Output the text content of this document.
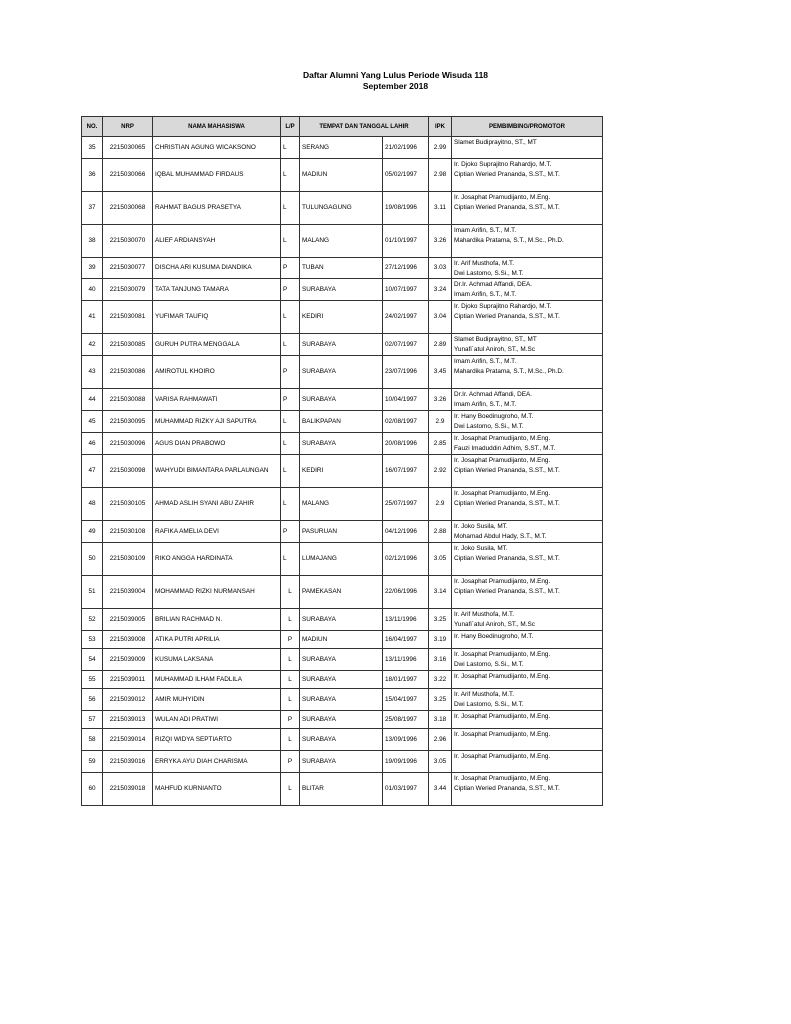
Daftar Alumni Yang Lulus Periode Wisuda 118
September 2018
NO.	NRP	NAMA MAHASISWA	L/P	TEMPAT DAN TANGGAL LAHIR		IPK	PEMBIMBING/PROMOTOR
35	2215030065	CHRISTIAN AGUNG WICAKSONO	L	SERANG	21/02/1996	2.99	Slamet Budiprayitno, ST., MT

36	2215030066	IQBAL MUHAMMAD FIRDAUS	L	MADIUN	05/02/1997	2.98	Ir. Djoko Suprajitno Rahardjo, M.T.
Ciptian Weried Prananda, S.ST., M.T.

37	2215030068	RAHMAT BAGUS PRASETYA	L	TULUNGAGUNG	19/08/1996	3.11	Ir. Josaphat Pramudijanto, M.Eng.
Ciptian Weried Prananda, S.ST., M.T.

38	2215030070	ALIEF ARDIANSYAH	L	MALANG	01/10/1997	3.26	Imam Arifin, S.T., M.T.
Mahardika Pratama, S.T., M.Sc., Ph.D.

39	2215030077	DISCHA ARI KUSUMA DIANDIKA	P	TUBAN	27/12/1996	3.03	Ir. Arif Musthofa, M.T.
Dwi Lastomo, S.Si., M.T.

40	2215030079	TATA TANJUNG TAMARA	P	SURABAYA	10/07/1997	3.24	Dr.Ir. Achmad Affandi, DEA.
Imam Arifin, S.T., M.T.

41	2215030081	YUFIMAR TAUFIQ	L	KEDIRI	24/02/1997	3.04	Ir. Djoko Suprajitno Rahardjo, M.T.
Ciptian Weried Prananda, S.ST., M.T.

42	2215030085	GURUH PUTRA MENGGALA	L	SURABAYA	02/07/1997	2.89	Slamet Budiprayitno, ST., MT
Yunafi`atul Aniroh, ST., M.Sc

43	2215030086	AMIROTUL KHOIRO	P	SURABAYA	23/07/1996	3.45	Imam Arifin, S.T., M.T.
Mahardika Pratama, S.T., M.Sc., Ph.D.

44	2215030088	VARISA RAHMAWATI	P	SURABAYA	10/04/1997	3.26	Dr.Ir. Achmad Affandi, DEA.
Imam Arifin, S.T., M.T.

45	2215030095	MUHAMMAD RIZKY AJI SAPUTRA	L	BALIKPAPAN	02/08/1997	2.9	Ir. Hany Boedinugroho, M.T.
Dwi Lastomo, S.Si., M.T.

46	2215030096	AGUS DIAN PRABOWO	L	SURABAYA	20/08/1996	2.85	Ir. Josaphat Pramudijanto, M.Eng.
Fauzi Imaduddin Adhim, S.ST., M.T.

47	2215030098	WAHYUDI BIMANTARA PARLAUNGAN	L	KEDIRI	16/07/1997	2.92	Ir. Josaphat Pramudijanto, M.Eng.
Ciptian Weried Prananda, S.ST., M.T.

48	2215030105	AHMAD ASLIH SYANI ABU ZAHIR	L	MALANG	25/07/1997	2.9	Ir. Josaphat Pramudijanto, M.Eng.
Ciptian Weried Prananda, S.ST., M.T.

49	2215030108	RAFIKA AMELIA DEVI	P	PASURUAN	04/12/1996	2.88	Ir. Joko Susila, MT.
Mohamad Abdul Hady, S.T., M.T.

50	2215030109	RIKO ANGGA HARDINATA	L	LUMAJANG	02/12/1996	3.05	Ir. Joko Susila, MT.
Ciptian Weried Prananda, S.ST., M.T.

51	2215039004	MOHAMMAD RIZKI NURMANSAH	L	PAMEKASAN	22/06/1996	3.14	Ir. Josaphat Pramudijanto, M.Eng.
Ciptian Weried Prananda, S.ST., M.T.

52	2215039005	BRILIAN RACHMAD N.	L	SURABAYA	13/11/1996	3.25	Ir. Arif Musthofa, M.T.
Yunafi`atul Aniroh, ST., M.Sc

53	2215039008	ATIKA PUTRI APRILIA	P	MADIUN	16/04/1997	3.19	Ir. Hany Boedinugroho, M.T.

54	2215039009	KUSUMA LAKSANA	L	SURABAYA	13/11/1996	3.16	Ir. Josaphat Pramudijanto, M.Eng.
Dwi Lastomo, S.Si., M.T.

55	2215039011	MUHAMMAD ILHAM FADLILA	L	SURABAYA	18/01/1997	3.22	Ir. Josaphat Pramudijanto, M.Eng.

56	2215039012	AMIR MUHYIDIN	L	SURABAYA	15/04/1997	3.25	Ir. Arif Musthofa, M.T.
Dwi Lastomo, S.Si., M.T.

57	2215039013	WULAN ADI PRATIWI	P	SURABAYA	25/08/1997	3.18	Ir. Josaphat Pramudijanto, M.Eng.

58	2215039014	RIZQI WIDYA SEPTIARTO	L	SURABAYA	13/09/1996	2.96	Ir. Josaphat Pramudijanto, M.Eng.

59	2215039016	ERRYKA AYU DIAH CHARISMA	P	SURABAYA	19/09/1996	3.05	Ir. Josaphat Pramudijanto, M.Eng.

60	2215039018	MAHFUD KURNIANTO	L	BLITAR	01/03/1997	3.44	Ir. Josaphat Pramudijanto, M.Eng.
Ciptian Weried Prananda, S.ST., M.T.
